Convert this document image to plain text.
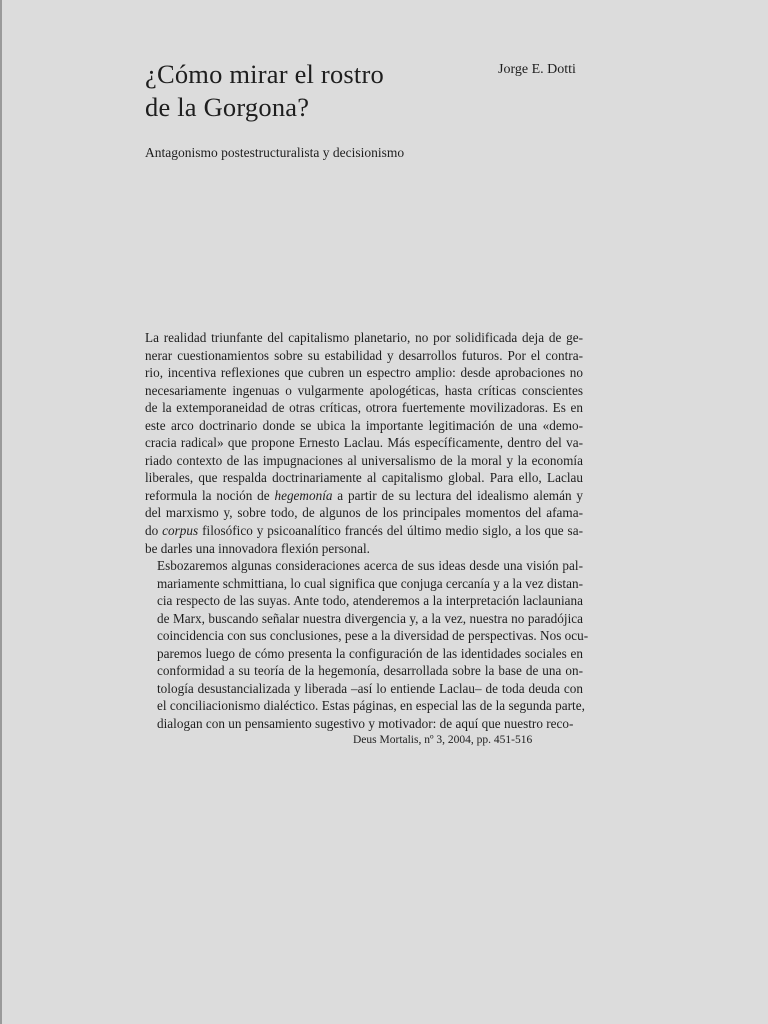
¿Cómo mirar el rostro
de la Gorgona?
Jorge E. Dotti
Antagonismo postestructuralista y decisionismo
La realidad triunfante del capitalismo planetario, no por solidificada deja de ge-
nerar cuestionamientos sobre su estabilidad y desarrollos futuros. Por el contra-
rio, incentiva reflexiones que cubren un espectro amplio: desde aprobaciones no
necesariamente ingenuas o vulgarmente apologéticas, hasta críticas conscientes
de la extemporaneidad de otras críticas, otrora fuertemente movilizadoras. Es en
este arco doctrinario donde se ubica la importante legitimación de una «demo-
cracia radical» que propone Ernesto Laclau. Más específicamente, dentro del va-
riado contexto de las impugnaciones al universalismo de la moral y la economía
liberales, que respalda doctrinariamente al capitalismo global. Para ello, Laclau
reformula la noción de hegemonía a partir de su lectura del idealismo alemán y
del marxismo y, sobre todo, de algunos de los principales momentos del afama-
do corpus filosófico y psicoanalítico francés del último medio siglo, a los que sa-
be darles una innovadora flexión personal.
Esbozaremos algunas consideraciones acerca de sus ideas desde una visión pal-
mariamente schmittiana, lo cual significa que conjuga cercanía y a la vez distan-
cia respecto de las suyas. Ante todo, atenderemos a la interpretación laclauniana
de Marx, buscando señalar nuestra divergencia y, a la vez, nuestra no paradójica
coincidencia con sus conclusiones, pese a la diversidad de perspectivas. Nos ocu-
paremos luego de cómo presenta la configuración de las identidades sociales en
conformidad a su teoría de la hegemonía, desarrollada sobre la base de una on-
tología desustancializada y liberada –así lo entiende Laclau– de toda deuda con
el conciliacionismo dialéctico. Estas páginas, en especial las de la segunda parte,
dialogan con un pensamiento sugestivo y motivador: de aquí que nuestro reco-
Deus Mortalis, nº 3, 2004, pp. 451-516
